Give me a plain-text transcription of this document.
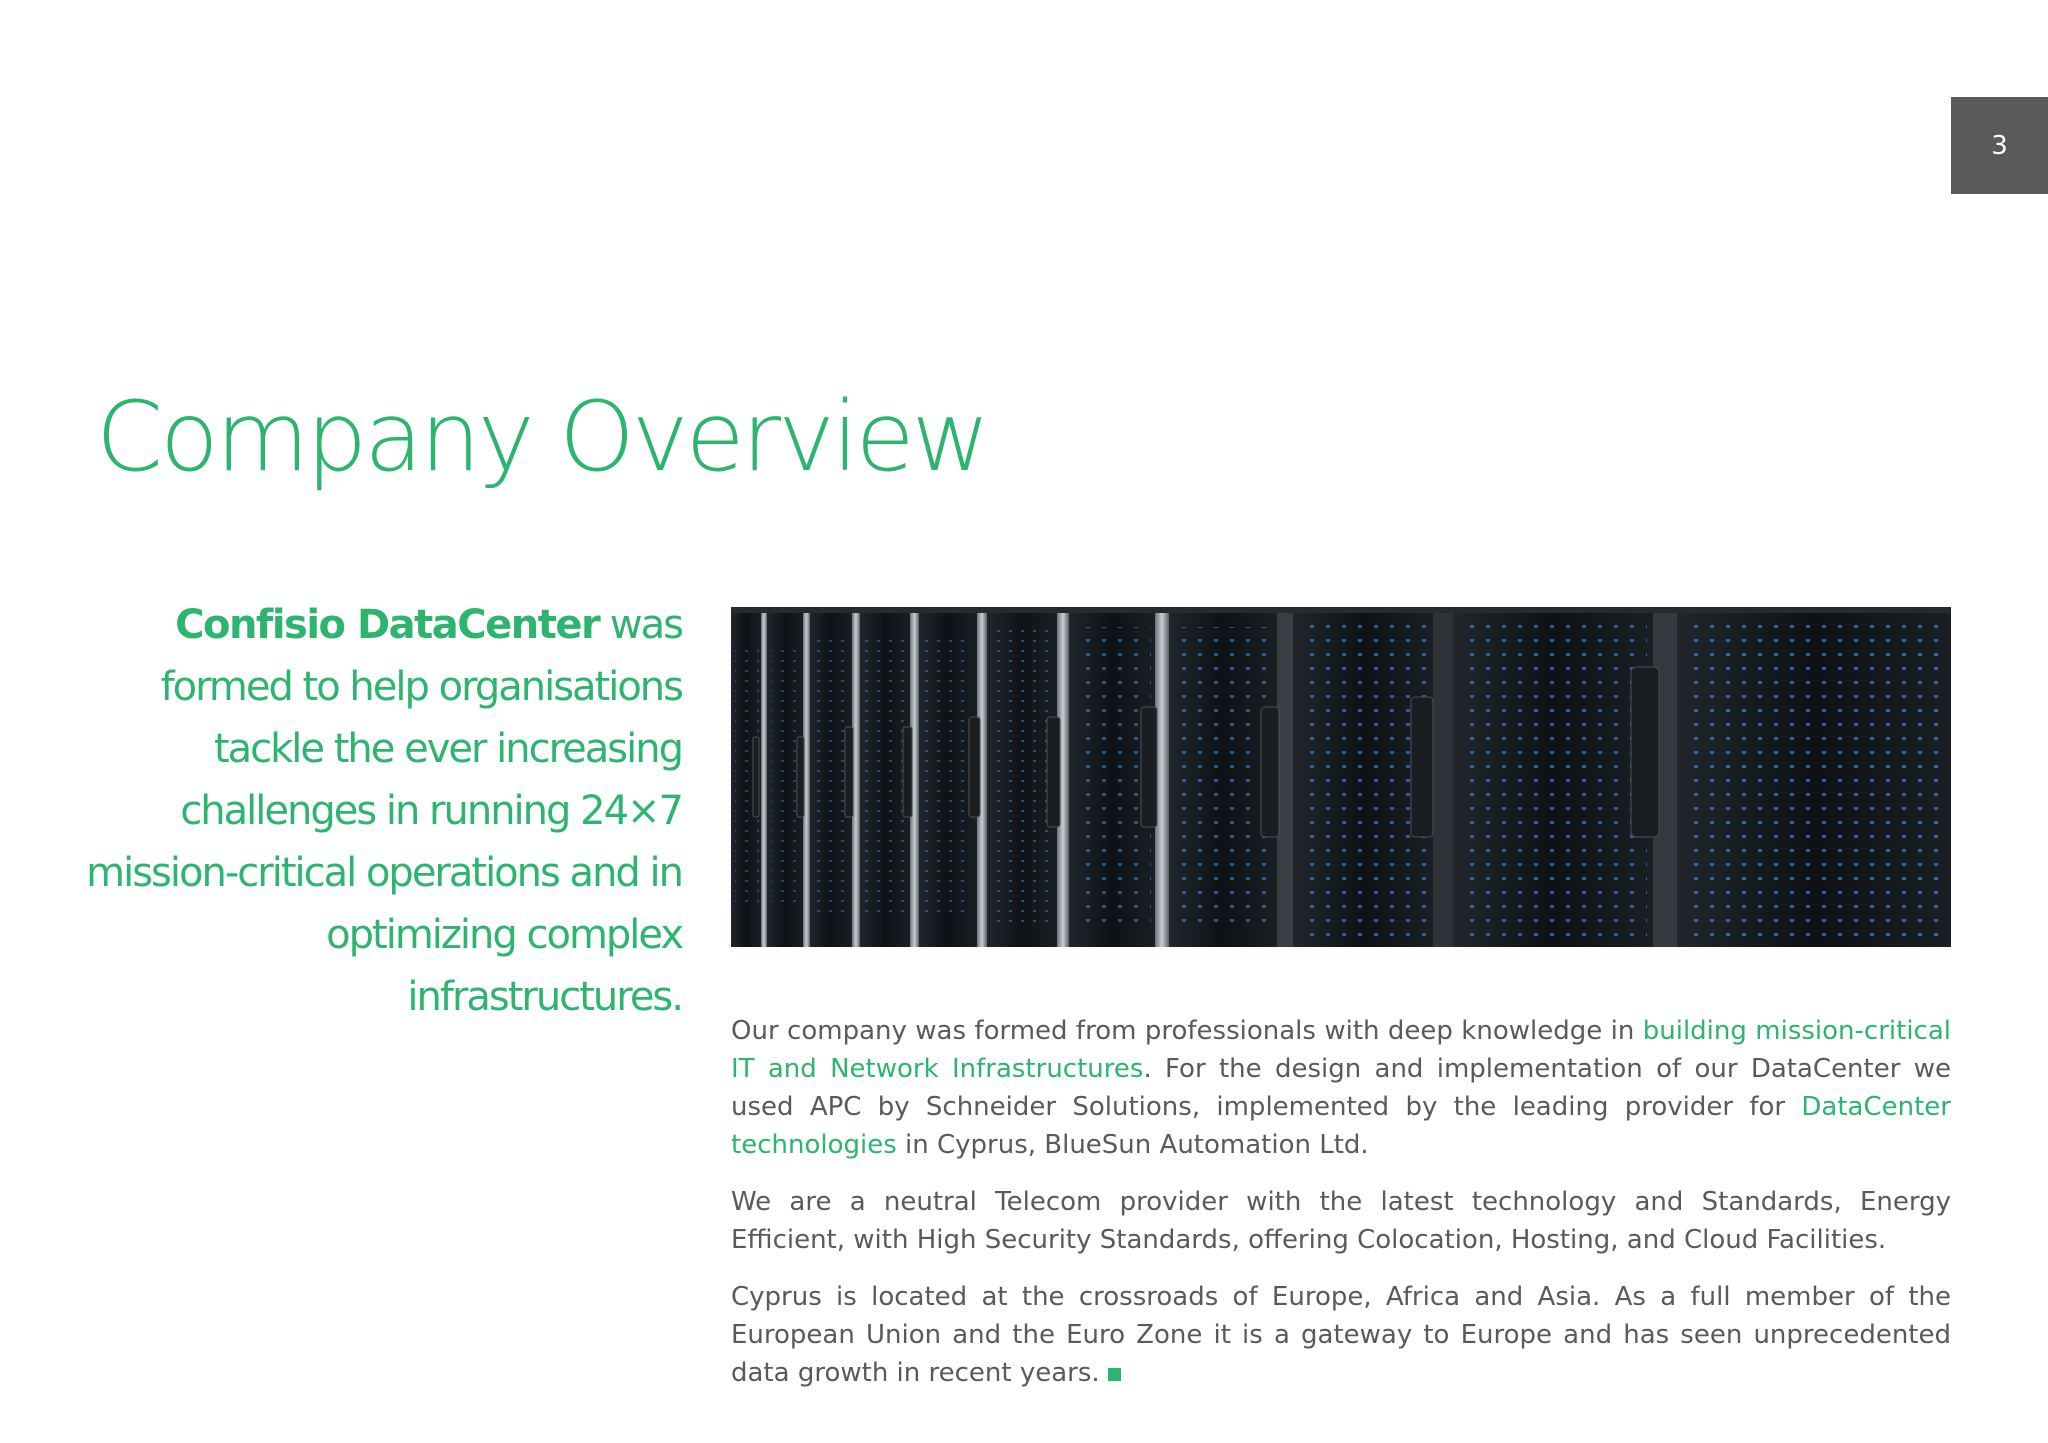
3
Company Overview

Confisio DataCenter was formed to help organisations tackle the ever increasing challenges in running 24×7 mission-critical operations and in optimizing complex infrastructures.

Our company was formed from professionals with deep knowledge in building mission-critical IT and Network Infrastructures. For the design and implementation of our DataCenter we used APC by Schneider Solutions, implemented by the leading provider for DataCenter technologies in Cyprus, BlueSun Automation Ltd.

We are a neutral Telecom provider with the latest technology and Standards, Energy Efficient, with High Security Standards, offering Colocation, Hosting, and Cloud Facilities.

Cyprus is located at the crossroads of Europe, Africa and Asia. As a full member of the European Union and the Euro Zone it is a gateway to Europe and has seen unprecedented data growth in recent years.
